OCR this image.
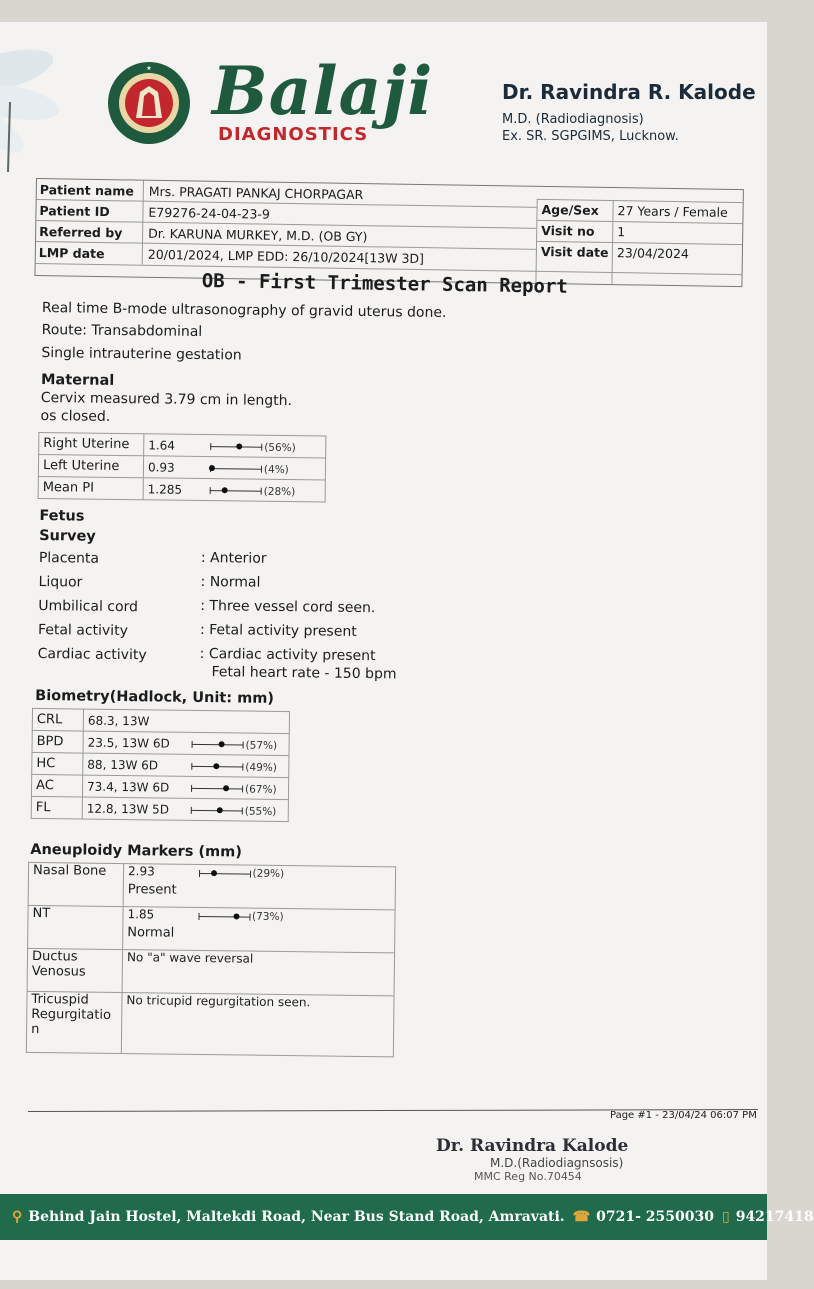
★ Balaji
DIAGNOSTICS
Dr. Ravindra R. Kalode
M.D. (Radiodiagnosis)
Ex. SR. SGPGIMS, Lucknow.
Patient name Mrs. PRAGATI PANKAJ CHORPAGAR
Patient ID	E79276-24-04-23-9
Referred by Dr. KARUNA MURKEY, M.D. (OB GY)
LMP date	20/01/2024, LMP EDD: 26/10/2024[13W 3D]
Age/Sex 27 Years / Female
Visit no 1
Visit date 23/04/2024
OB - First Trimester Scan Report
Real time B-mode ultrasonography of gravid uterus done.
Route: Transabdominal
Single intrauterine gestation
Maternal
Cervix measured 3.79 cm in length.
os closed.
Right Uterine	1.64 (56%)
Left Uterine	0.93 (4%)
Mean PI	1.285 (28%)
Fetus
Survey
Placenta	: Anterior
Liquor	: Normal
Umbilical cord	: Three vessel cord seen.
Fetal activity	: Fetal activity present
Cardiac activity	: Cardiac activity present
Fetal heart rate - 150 bpm
Biometry(Hadlock, Unit: mm)
CRL	68.3, 13W
BPD	23.5, 13W 6D (57%)
HC	88, 13W 6D (49%)
AC	73.4, 13W 6D (67%)
FL	12.8, 13W 5D (55%)
Aneuploidy Markers (mm)
Nasal Bone	2.93 (29%)
Present

NT	1.85 (73%)
Normal

Ductus
Venosus	No "a" wave reversal

Tricuspid
Regurgitatio
n	No tricupid regurgitation seen.
Page #1 - 23/04/24 06:07 PM
Dr. Ravindra Kalode
M.D.(Radiodiagnsosis)
MMC Reg No.70454
⚲ Behind Jain Hostel, Maltekdi Road, Near Bus Stand Road, Amravati. ☎ 0721- 2550030 ▯ 94217418
